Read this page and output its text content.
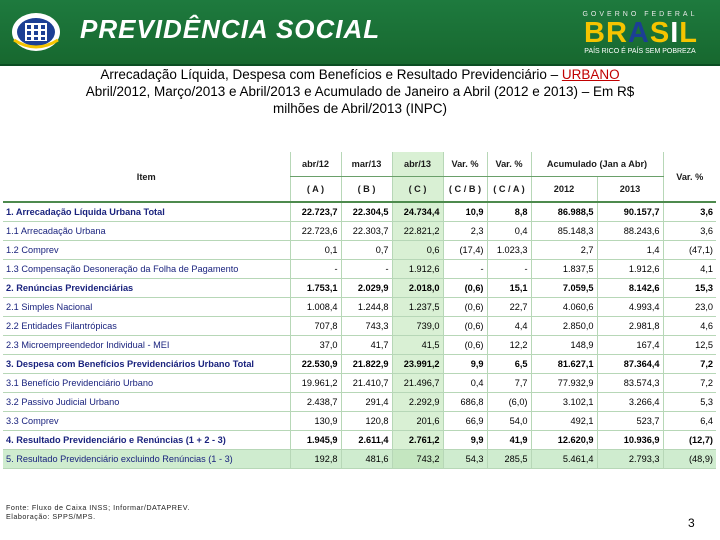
PREVIDÊNCIA SOCIAL	GOVERNO FEDERAL
BRASIL
PAÍS RICO É PAÍS SEM POBREZA
Arrecadação Líquida, Despesa com Benefícios e Resultado Previdenciário – URBANO
Abril/2012, Março/2013 e Abril/2013 e Acumulado de Janeiro a Abril (2012 e 2013) – Em R$
milhões de Abril/2013 (INPC)
Item	abr/12	mar/13	abr/13	Var. %	Var. %	Acumulado (Jan a Abr)		Var. %
	( A )	( B )	( C )	( C / B )	( C / A )	2012	2013	
1. Arrecadação Líquida Urbana Total	22.723,7	22.304,5	24.734,4	10,9	8,8	86.988,5	90.157,7	3,6
1.1 Arrecadação Urbana	22.723,6	22.303,7	22.821,2	2,3	0,4	85.148,3	88.243,6	3,6
1.2 Comprev	0,1	0,7	0,6	(17,4)	1.023,3	2,7	1,4	(47,1)
1.3 Compensação Desoneração da Folha de Pagamento	-	-	1.912,6	-	-	1.837,5	1.912,6	4,1
2. Renúncias Previdenciárias	1.753,1	2.029,9	2.018,0	(0,6)	15,1	7.059,5	8.142,6	15,3
2.1 Simples Nacional	1.008,4	1.244,8	1.237,5	(0,6)	22,7	4.060,6	4.993,4	23,0
2.2 Entidades Filantrópicas	707,8	743,3	739,0	(0,6)	4,4	2.850,0	2.981,8	4,6
2.3 Microempreendedor Individual - MEI	37,0	41,7	41,5	(0,6)	12,2	148,9	167,4	12,5
3. Despesa com Benefícios Previdenciários Urbano Total	22.530,9	21.822,9	23.991,2	9,9	6,5	81.627,1	87.364,4	7,2
3.1 Benefício Previdenciário Urbano	19.961,2	21.410,7	21.496,7	0,4	7,7	77.932,9	83.574,3	7,2
3.2 Passivo Judicial Urbano	2.438,7	291,4	2.292,9	686,8	(6,0)	3.102,1	3.266,4	5,3
3.3 Comprev	130,9	120,8	201,6	66,9	54,0	492,1	523,7	6,4
4. Resultado Previdenciário e Renúncias (1 + 2 - 3)	1.945,9	2.611,4	2.761,2	9,9	41,9	12.620,9	10.936,9	(12,7)
5. Resultado Previdenciário excluindo Renúncias (1 - 3)	192,8	481,6	743,2	54,3	285,5	5.461,4	2.793,3	(48,9)
Fonte: Fluxo de Caixa INSS; Informar/DATAPREV.
Elaboração: SPPS/MPS.	3
